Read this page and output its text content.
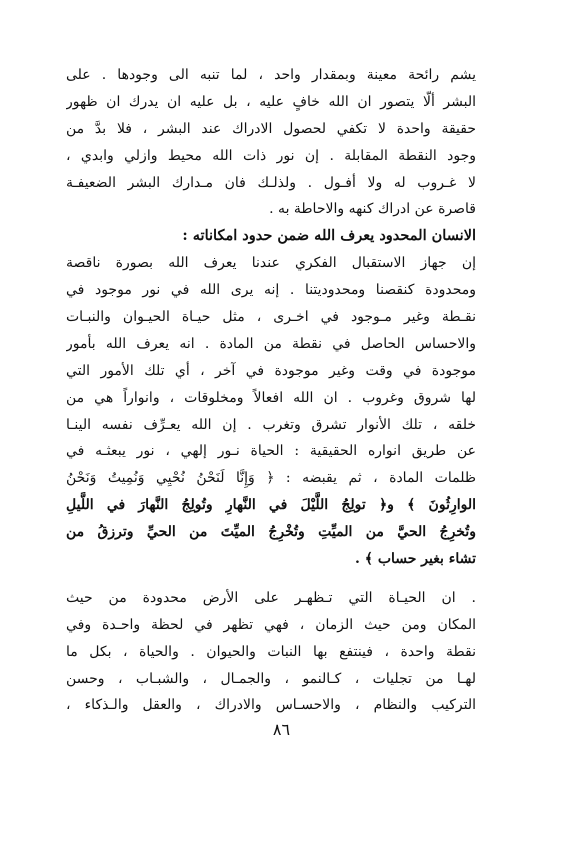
يشم رائحة معينة وبمقدار واحد ، لما تنبه الى وجودها . على
البشر ألّا يتصور ان الله خافٍ عليه ، بل عليه ان يدرك ان ظهور
حقيقة واحدة لا تكفي لحصول الادراك عند البشر ، فلا بدَّ من
وجود النقطة المقابلة . إن نور ذات الله محيط وازلي وابدي ،
لا غـروب له ولا أفـول . ولذلـك فان مـدارك البشر الضعيفـة
قاصرة عن ادراك كنهه والاحاطة به .
الانسان المحدود يعرف الله ضمن حدود امكاناته :
إن جهاز الاستقبال الفكري عندنا يعرف الله بصورة ناقصة
ومحدودة كنقصنا ومحدوديتنا . إنه يرى الله في نور موجود في
نقـطة وغير مـوجود في اخـرى ، مثل حيـاة الحيـوان والنبـات
والاحساس الحاصل في نقطة من المادة . انه يعرف الله بأمور
موجودة في وقت وغير موجودة في آخر ، أي تلك الأمور التي
لها شروق وغروب . ان الله افعالاً ومخلوقات ، وانواراً هي من
خلقه ، تلك الأنوار تشرق وتغرب . إن الله يعـرِّف نفسه الينـا
عن طريق انواره الحقيقية : الحياة نـور إلهي ، نور يبعثـه في
ظلمات المادة ، ثم يقبضه : ﴿ وَإِنَّا لَنَحْنُ نُحْيِي وَنُمِيتُ وَنَحْنُ
الوارِثُونَ ﴾ و﴿ تولِجُ اللَّيْلَ في النَّهارِ وتُولِجُ النَّهارَ في اللَّيلِ
وتُخرِجُ الحيَّ من الميِّتِ وتُخْرِجُ الميِّتَ من الحيِّ وترزقُ من
تشاء بغير حساب ﴾ .
. ان الحيـاة التي تـظهـر على الأرض محدودة من حيث
المكان ومن حيث الزمان ، فهي تظهر في لحظة واحـدة وفي
نقطة واحدة ، فينتفع بها النبات والحيوان . والحياة ، بكل ما
لهـا من تجليات ، كـالنمو ، والجمـال ، والشبـاب ، وحسن
التركيب والنظام ، والاحسـاس والادراك ، والعقل والـذكاء ،
٨٦
